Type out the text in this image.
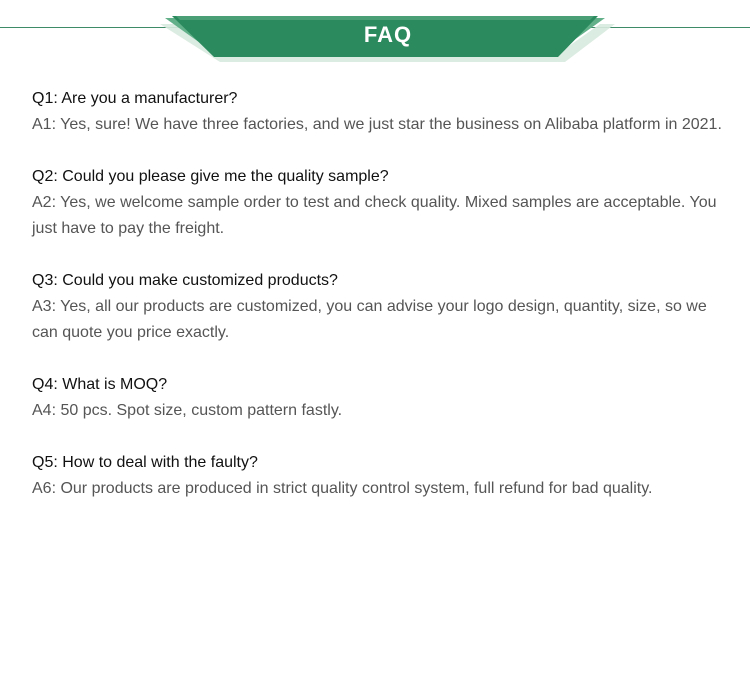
FAQ
Q1: Are you a manufacturer?
A1: Yes, sure! We have three factories, and we just star the business on Alibaba platform in 2021.
Q2: Could you please give me the quality sample?
A2: Yes, we welcome sample order to test and check quality. Mixed samples are acceptable. You just have to pay the freight.
Q3: Could you make customized products?
A3: Yes, all our products are customized, you can advise your logo design, quantity, size, so we can quote you price exactly.
Q4: What is MOQ?
A4: 50 pcs. Spot size, custom pattern fastly.
Q5: How to deal with the faulty?
A6: Our products are produced in strict quality control system, full refund for bad quality.
